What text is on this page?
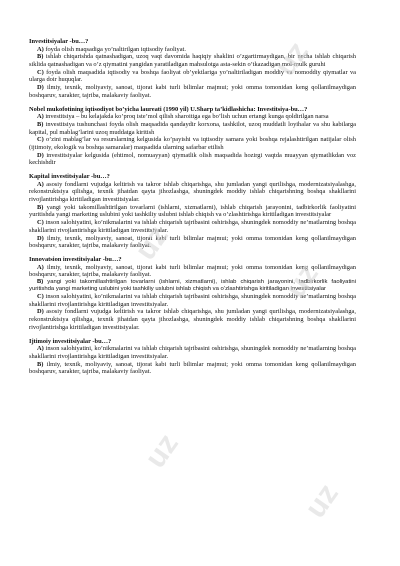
uz
uz
uz
uz
uz
Investitsiyalar -bu…?
A) foyda olish maqsadiga yo’naltirilgan iqtisodiy faoliyat.
B) ishlab chiqarishda qatnashadigan, uzoq vaqt davomida haqiqiy shaklini o’zgartirmaydigan, bir necha ishlab chiqarish siklida qatnashadigan va o’z qiymatini yangidan yaratiladigan mahsulotga asta-sekin o’tkazadigan mol-mulk guruhi
C) foyda olish maqsadida iqtisodiy va boshqa faoliyat ob’yektlariga yo’naltiriladigan moddiy va nomoddiy qiymatlar va ularga doir huquqlar.
D) ilmiy, texnik, moliyaviy, sanoat, tijorat kabi turli bilimlar majmui; yoki omma tomonidan keng qollanilmaydigan boshqaruv, xarakter, tajriba, malakaviy faoliyat.
Nobel mukofotining iqtisodiyot bo’yicha laureati (1990 yil) U.Sharp ta’kidlashicha: Investitsiya-bu…?
A) investitsiya – bu kelajakda ko’proq iste’mol qilish sharoitiga ega bo’lish uchun ertangi kunga qoldirilgan narsa
B) investitsiya tushunchasi foyda olish maqsadida qandaydir korxona, tashkilot, uzoq muddatli loyihalar va shu kabilarga kapital, pul mablag’larini uzoq muddatga kiritish
C) o’zini mablag’lar va resurslarning kelgusida ko’payishi va iqtisodiy samara yoki boshqa rejalashtirilgan natijalar olish (ijtimoiy, ekologik va boshqa samaralar) maqsadida ularning safarbar etilish
D) investitsiyalar kelgusida (ehtimol, nomuayyan) qiymatlik olish maqsadida hozirgi vaqtda muayyan qiymatlikdan voz kechishdir
Kapital investitsiyalar -bu…?
A) asosiy fondlarni vujudga keltirish va takror ishlab chiqarishga, shu jumladan yangi qurilishga, modernizatsiyalashga, rekonstruktsiya qilishga, texnik jihatdan qayta jihozlashga, shuningdek moddiy ishlab chiqarishning boshqa shakllarini rivojlantirishga kiritiladigan investitsiyalar.
B) yangi yoki takomillashtirilgan tovarlarni (ishlarni, xizmatlarni), ishlab chiqarish jarayonini, tadbirkorlik faoliyatini yuritishda yangi marketing uslubini yoki tashkiliy uslubni ishlab chiqish va o’zlashtirishga kiritiladigan investitsiyalar
C) inson salohiyatini, ko’nikmalarini va ishlab chiqarish tajribasini oshirishga, shuningdek nomoddiy ne’matlarning boshqa shakllarini rivojlantirishga kiritiladigan investitsiyalar.
D) ilmiy, texnik, moliyaviy, sanoat, tijorat kabi turli bilimlar majmui; yoki omma tomonidan keng qollanilmaydigan boshqaruv, xarakter, tajriba, malakaviy faoliyat.
Innovatsion investitsiyalar -bu…?
A) ilmiy, texnik, moliyaviy, sanoat, tijorat kabi turli bilimlar majmui; yoki omma tomonidan keng qollanilmaydigan boshqaruv, xarakter, tajriba, malakaviy faoliyat.
B) yangi yoki takomillashtirilgan tovarlarni (ishlarni, xizmatlarni), ishlab chiqarish jarayonini, tadbirkorlik faoliyatini yuritishda yangi marketing uslubini yoki tashkiliy uslubni ishlab chiqish va o’zlashtirishga kiritiladigan investitsiyalar
C) inson salohiyatini, ko’nikmalarini va ishlab chiqarish tajribasini oshirishga, shuningdek nomoddiy ne’matlarning boshqa shakllarini rivojlantirishga kiritiladigan investitsiyalar.
D) asosiy fondlarni vujudga keltirish va takror ishlab chiqarishga, shu jumladan yangi qurilishga, modernizatsiyalashga, rekonstruktsiya qilishga, texnik jihatdan qayta jihozlashga, shuningdek moddiy ishlab chiqarishning boshqa shakllarini rivojlantirishga kiritiladigan investitsiyalar.
Ijtimoiy investitsiyalar -bu…?
A) inson salohiyatini, ko’nikmalarini va ishlab chiqarish tajribasini oshirishga, shuningdek nomoddiy ne’matlarning boshqa shakllarini rivojlantirishga kiritiladigan investitsiyalar.
B) ilmiy, texnik, moliyaviy, sanoat, tijorat kabi turli bilimlar majmui; yoki omma tomonidan keng qollanilmaydigan boshqaruv, xarakter, tajriba, malakaviy faoliyat.
